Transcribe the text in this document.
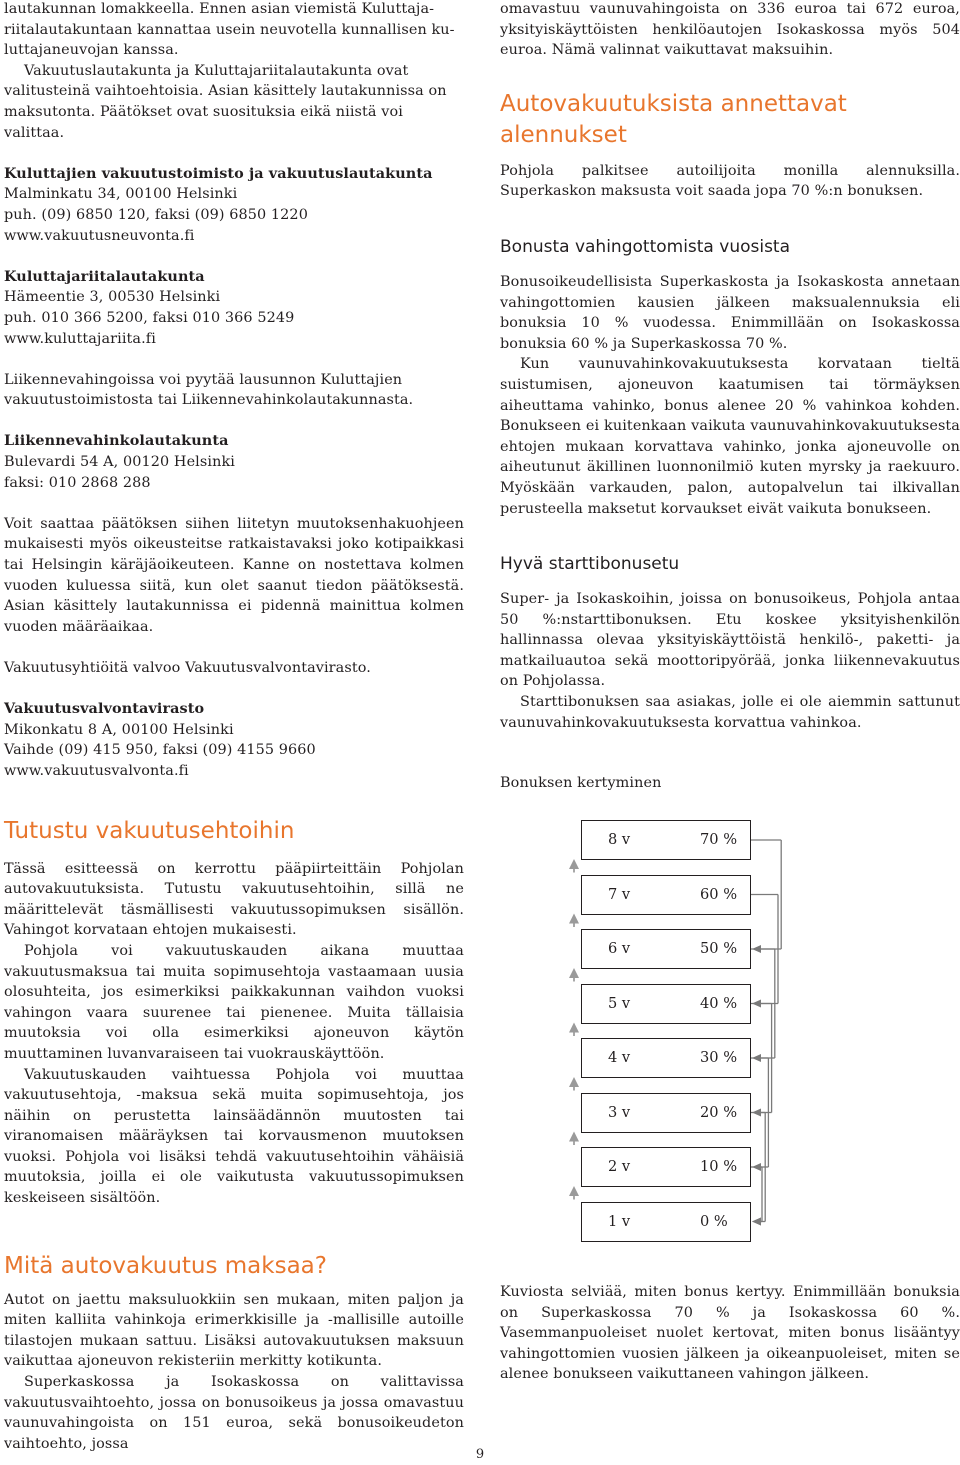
lautakunnan lomakkeella. Ennen asian viemistä Kuluttaja-
riitalautakuntaan kannattaa usein neuvotella kunnallisen ku-
luttajaneuvojan kanssa.

Vakuutuslautakunta ja Kuluttajariitalautakunta ovat valitusteinä vaihtoehtoisia. Asian käsittely lautakunnissa on maksutonta. Päätökset ovat suosituksia eikä niistä voi valittaa.

Kuluttajien vakuutustoimisto ja vakuutuslautakunta
Malminkatu 34, 00100 Helsinki
puh. (09) 6850 120, faksi (09) 6850 1220
www.vakuutusneuvonta.fi
Kuluttajariitalautakunta
Hämeentie 3, 00530 Helsinki
puh. 010 366 5200, faksi 010 366 5249
www.kuluttajariita.fi

Liikennevahingoissa voi pyytää lausunnon Kuluttajien vakuutustoimistosta tai Liikennevahinkolautakunnasta.

Liikennevahinkolautakunta
Bulevardi 54 A, 00120 Helsinki
faksi: 010 2868 288

Voit saattaa päätöksen siihen liitetyn muutoksenhakuohjeen mukaisesti myös oikeusteitse ratkaistavaksi joko kotipaikkasi tai Helsingin käräjäoikeuteen. Kanne on nostettava kolmen vuoden kuluessa siitä, kun olet saanut tiedon päätöksestä. Asian käsittely lautakunnissa ei pidennä mainittua kolmen vuoden määräaikaa.

Vakuutusyhtiöitä valvoo Vakuutusvalvontavirasto.

Vakuutusvalvontavirasto
Mikonkatu 8 A, 00100 Helsinki
Vaihde (09) 415 950, faksi (09) 4155 9660
www.vakuutusvalvonta.fi
Tutustu vakuutusehtoihin

Tässä esitteessä on kerrottu pääpiirteittäin Pohjolan autovakuutuksista. Tutustu vakuutusehtoihin, sillä ne määrittelevät täsmällisesti vakuutussopimuksen sisällön. Vahingot korvataan ehtojen mukaisesti.

Pohjola voi vakuutuskauden aikana muuttaa vakuutusmaksua tai muita sopimusehtoja vastaamaan uusia olosuhteita, jos esimerkiksi paikkakunnan vaihdon vuoksi vahingon vaara suurenee tai pienenee. Muita tällaisia muutoksia voi olla esimerkiksi ajoneuvon käytön muuttaminen luvanvaraiseen tai vuokrauskäyttöön.

Vakuutuskauden vaihtuessa Pohjola voi muuttaa vakuutusehtoja, -maksua sekä muita sopimusehtoja, jos näihin on perustetta lainsäädännön muutosten tai viranomaisen määräyksen tai korvausmenon muutoksen vuoksi. Pohjola voi lisäksi tehdä vakuutusehtoihin vähäisiä muutoksia, joilla ei ole vaikutusta vakuutussopimuksen keskeiseen sisältöön.

Mitä autovakuutus maksaa?

Autot on jaettu maksuluokkiin sen mukaan, miten paljon ja miten kalliita vahinkoja erimerkkisille ja -mallisille autoille tilastojen mukaan sattuu. Lisäksi autovakuutuksen maksuun vaikuttaa ajoneuvon rekisteriin merkitty kotikunta.

Superkaskossa ja Isokaskossa on valittavissa vakuutusvaihtoehto, jossa on bonusoikeus ja jossa omavastuu vaunuvahingoista on 151 euroa, sekä bonusoikeudeton vaihtoehto, jossa

omavastuu vaunuvahingoista on 336 euroa tai 672 euroa, yksityiskäyttöisten henkilöautojen Isokaskossa myös 504 euroa. Nämä valinnat vaikuttavat maksuihin.

Autovakuutuksista annettavat
alennukset

Pohjola palkitsee autoilijoita monilla alennuksilla. Superkaskon maksusta voit saada jopa 70 %:n bonuksen.

Bonusta vahingottomista vuosista

Bonusoikeudellisista Superkaskosta ja Isokaskosta annetaan vahingottomien kausien jälkeen maksualennuksia eli bonuksia 10 % vuodessa. Enimmillään on Isokaskossa bonuksia 60 % ja Superkaskossa 70 %.

Kun vaunuvahinkovakuutuksesta korvataan tieltä suistumisen, ajoneuvon kaatumisen tai törmäyksen aiheuttama vahinko, bonus alenee 20 % vahinkoa kohden. Bonukseen ei kuitenkaan vaikuta vaunuvahinkovakuutuksesta ehtojen mukaan korvattava vahinko, jonka ajoneuvolle on aiheutunut äkillinen luonnonilmiö kuten myrsky ja raekuuro. Myöskään varkauden, palon, autopalvelun tai ilkivallan perusteella maksetut korvaukset eivät vaikuta bonukseen.

Hyvä starttibonusetu

Super- ja Isokaskoihin, joissa on bonusoikeus, Pohjola antaa 50 %:nstarttibonuksen. Etu koskee yksityishenkilön hallinnassa olevaa yksityiskäyttöistä henkilö-, paketti- ja matkailuautoa sekä moottoripyörää, jonka liikennevakuutus on Pohjolassa.

Starttibonuksen saa asiakas, jolle ei ole aiemmin sattunut vaunuvahinkovakuutuksesta korvattua vahinkoa.

Bonuksen kertyminen

8 v	70 %
7 v	60 %
6 v	50 %
5 v	40 %
4 v	30 %
3 v	20 %
2 v	10 %
1 v	0 %

Kuviosta selviää, miten bonus kertyy. Enimmillään bonuksia on Superkaskossa 70 % ja Isokaskossa 60 %. Vasemmanpuoleiset nuolet kertovat, miten bonus lisääntyy vahingottomien vuosien jälkeen ja oikeanpuoleiset, miten se alenee bonukseen vaikuttaneen vahingon jälkeen.

9
